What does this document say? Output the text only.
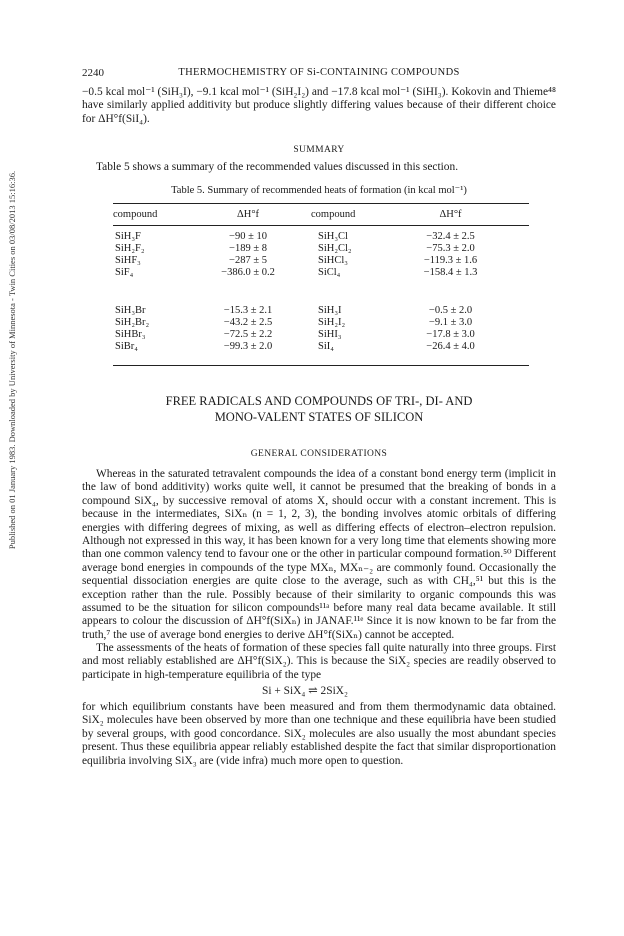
Published on 01 January 1983. Downloaded by University of Minnesota - Twin Cities on 03/08/2013 15:16:36.
2240	THERMOCHEMISTRY OF Si-CONTAINING COMPOUNDS
−0.5 kcal mol⁻¹ (SiH₃I), −9.1 kcal mol⁻¹ (SiH₂I₂) and −17.8 kcal mol⁻¹ (SiHI₃). Kokovin and Thieme⁴⁸ have similarly applied additivity but produce slightly differing values because of their different choice for ΔH°f(SiI₄).
SUMMARY
Table 5 shows a summary of the recommended values discussed in this section.
Table 5. Summary of recommended heats of formation (in kcal mol⁻¹)
compound	ΔH°f	compound	ΔH°f
SiH₃F	−90 ± 10	SiH₃Cl	−32.4 ± 2.5
SiH₂F₂	−189 ± 8	SiH₂Cl₂	−75.3 ± 2.0
SiHF₃	−287 ± 5	SiHCl₃	−119.3 ± 1.6
SiF₄	−386.0 ± 0.2	SiCl₄	−158.4 ± 1.3
SiH₃Br	−15.3 ± 2.1	SiH₃I	−0.5 ± 2.0
SiH₂Br₂	−43.2 ± 2.5	SiH₂I₂	−9.1 ± 3.0
SiHBr₃	−72.5 ± 2.2	SiHI₃	−17.8 ± 3.0
SiBr₄	−99.3 ± 2.0	SiI₄	−26.4 ± 4.0
FREE RADICALS AND COMPOUNDS OF TRI-, DI- AND
MONO-VALENT STATES OF SILICON
GENERAL CONSIDERATIONS
Whereas in the saturated tetravalent compounds the idea of a constant bond energy term (implicit in the law of bond additivity) works quite well, it cannot be presumed that the breaking of bonds in a compound SiX₄, by successive removal of atoms X, should occur with a constant increment. This is because in the intermediates, SiXₙ (n = 1, 2, 3), the bonding involves atomic orbitals of differing energies with differing degrees of mixing, as well as differing effects of electron–electron repulsion. Although not expressed in this way, it has been known for a very long time that elements showing more than one common valency tend to favour one or the other in particular compound formation.⁵⁰ Different average bond energies in compounds of the type MXₙ, MXₙ₋₂ are commonly found. Occasionally the sequential dissociation energies are quite close to the average, such as with CH₄,⁵¹ but this is the exception rather than the rule. Possibly because of their similarity to organic compounds this was assumed to be the situation for silicon compounds¹¹ᵃ before many real data became available. It still appears to colour the discussion of ΔH°f(SiXₙ) in JANAF.¹¹ᵉ Since it is now known to be far from the truth,⁷ the use of average bond energies to derive ΔH°f(SiXₙ) cannot be accepted.
The assessments of the heats of formation of these species fall quite naturally into three groups. First and most reliably established are ΔH°f(SiX₂). This is because the SiX₂ species are readily observed to participate in high-temperature equilibria of the type
Si + SiX₄ ⇌ 2SiX₂
for which equilibrium constants have been measured and from them thermodynamic data obtained. SiX₂ molecules have been observed by more than one technique and these equilibria have been studied by several groups, with good concordance. SiX₂ molecules are also usually the most abundant species present. Thus these equilibria appear reliably established despite the fact that similar disproportionation equilibria involving SiX₃ are (vide infra) much more open to question.
